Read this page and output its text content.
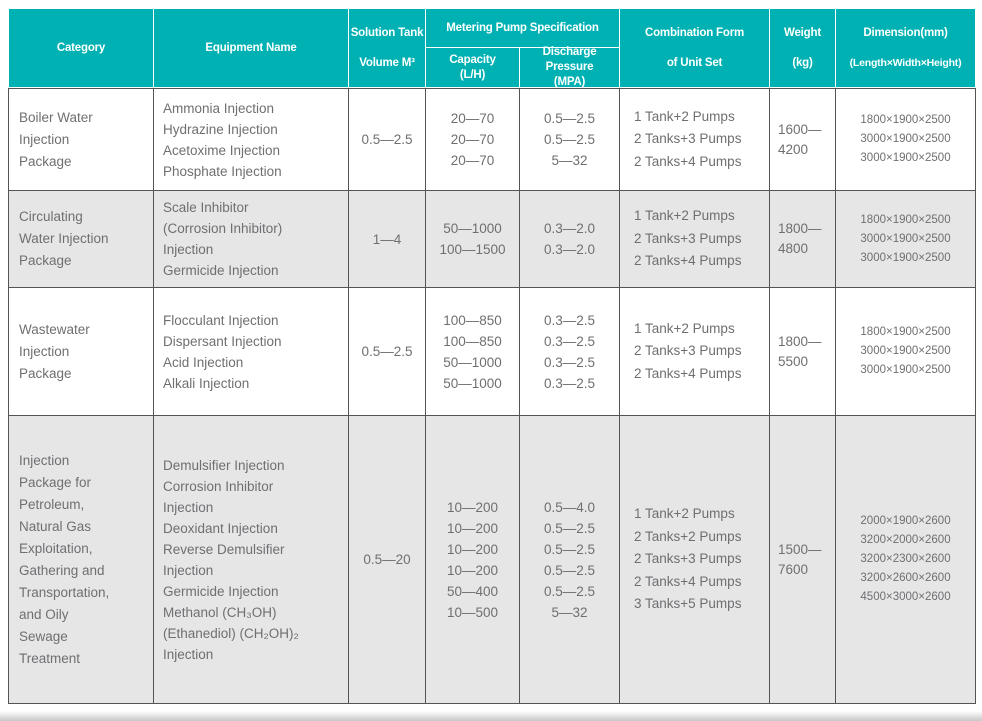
Category	Equipment Name
Solution Tank
Volume M³
Metering Pump Specification
Capacity
(L/H)
Discharge Pressure
(MPA)
Combination Form
of Unit Set
Weight
(kg)
Dimension(mm)
(Length×Width×Height)
Boiler Water
Injection
Package
Ammonia Injection
Hydrazine Injection
Acetoxime Injection
Phosphate Injection
0.5—2.5
20—70
20—70
20—70
0.5—2.5
0.5—2.5
5—32
1 Tank+2 Pumps
2 Tanks+3 Pumps
2 Tanks+4 Pumps
1600—
4200
1800×1900×2500
3000×1900×2500
3000×1900×2500
Circulating
Water Injection
Package
Scale Inhibitor
(Corrosion Inhibitor)
Injection
Germicide Injection
1—4
50—1000
100—1500
0.3—2.0
0.3—2.0
1 Tank+2 Pumps
2 Tanks+3 Pumps
2 Tanks+4 Pumps
1800—
4800
1800×1900×2500
3000×1900×2500
3000×1900×2500
Wastewater
Injection
Package
Flocculant Injection
Dispersant Injection
Acid Injection
Alkali Injection
0.5—2.5
100—850
100—850
50—1000
50—1000
0.3—2.5
0.3—2.5
0.3—2.5
0.3—2.5
1 Tank+2 Pumps
2 Tanks+3 Pumps
2 Tanks+4 Pumps
1800—
5500
1800×1900×2500
3000×1900×2500
3000×1900×2500
Injection
Package for
Petroleum,
Natural Gas
Exploitation,
Gathering and
Transportation,
and Oily
Sewage
Treatment
Demulsifier Injection
Corrosion Inhibitor
Injection
Deoxidant Injection
Reverse Demulsifier
Injection
Germicide Injection
Methanol (CH₃OH)
(Ethanediol) (CH₂OH)₂
Injection
0.5—20
10—200
10—200
10—200
10—200
50—400
10—500
0.5—4.0
0.5—2.5
0.5—2.5
0.5—2.5
0.5—2.5
5—32
1 Tank+2 Pumps
2 Tanks+2 Pumps
2 Tanks+3 Pumps
2 Tanks+4 Pumps
3 Tanks+5 Pumps
1500—
7600
2000×1900×2600
3200×2000×2600
3200×2300×2600
3200×2600×2600
4500×3000×2600
